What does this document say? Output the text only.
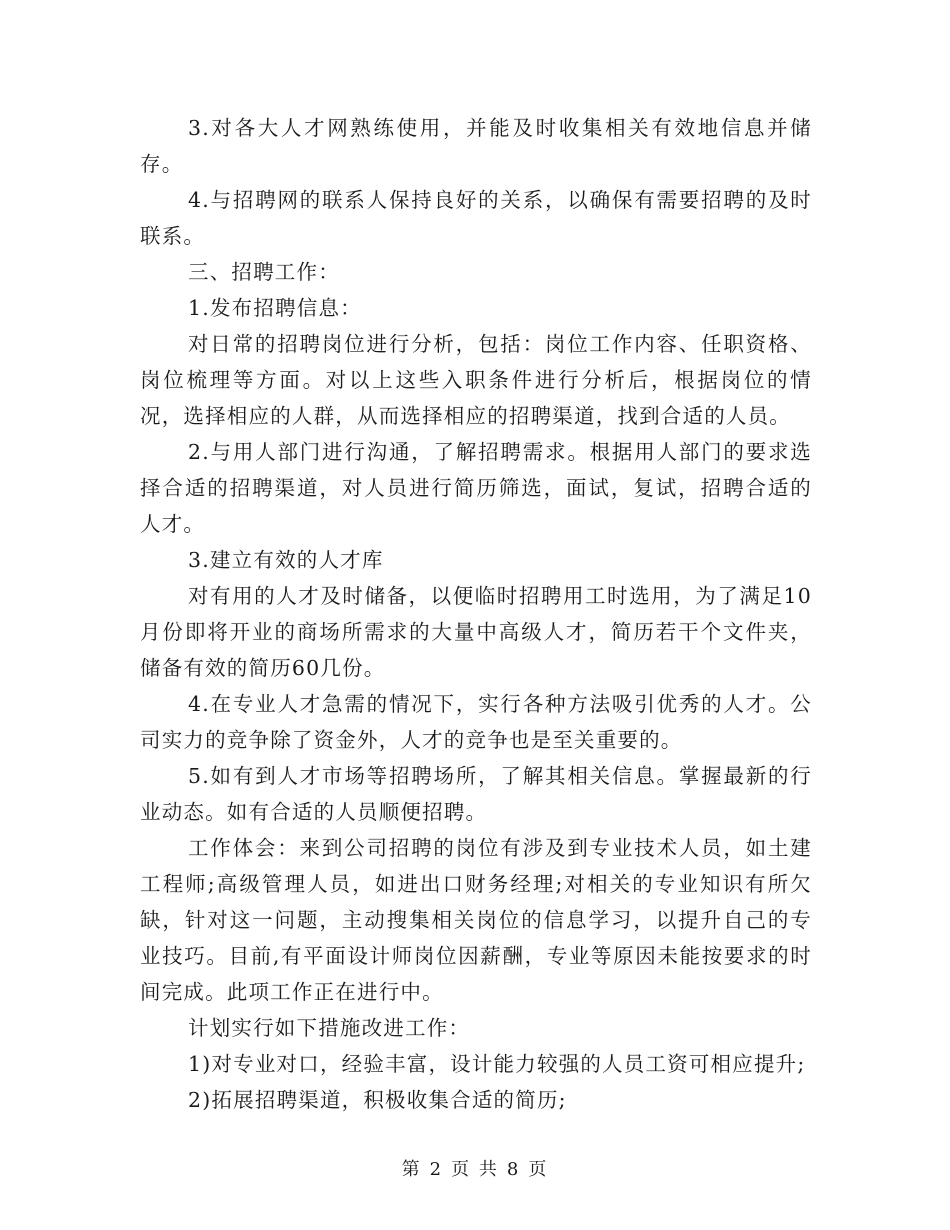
3.对各大人才网熟练使用，并能及时收集相关有效地信息并储存。

4.与招聘网的联系人保持良好的关系，以确保有需要招聘的及时联系。

三、招聘工作：

1.发布招聘信息：

对日常的招聘岗位进行分析，包括：岗位工作内容、任职资格、岗位梳理等方面。对以上这些入职条件进行分析后，根据岗位的情况，选择相应的人群，从而选择相应的招聘渠道，找到合适的人员。

2.与用人部门进行沟通，了解招聘需求。根据用人部门的要求选择合适的招聘渠道，对人员进行简历筛选，面试，复试，招聘合适的人才。

3.建立有效的人才库

对有用的人才及时储备，以便临时招聘用工时选用，为了满足10月份即将开业的商场所需求的大量中高级人才，简历若干个文件夹，储备有效的简历60几份。

4.在专业人才急需的情况下，实行各种方法吸引优秀的人才。公司实力的竞争除了资金外，人才的竞争也是至关重要的。

5.如有到人才市场等招聘场所，了解其相关信息。掌握最新的行业动态。如有合适的人员顺便招聘。

工作体会：来到公司招聘的岗位有涉及到专业技术人员，如土建工程师;高级管理人员，如进出口财务经理;对相关的专业知识有所欠缺，针对这一问题，主动搜集相关岗位的信息学习，以提升自己的专业技巧。目前,有平面设计师岗位因薪酬，专业等原因未能按要求的时间完成。此项工作正在进行中。

计划实行如下措施改进工作：

1)对专业对口，经验丰富，设计能力较强的人员工资可相应提升;

2)拓展招聘渠道，积极收集合适的简历;

第 2 页 共 8 页
